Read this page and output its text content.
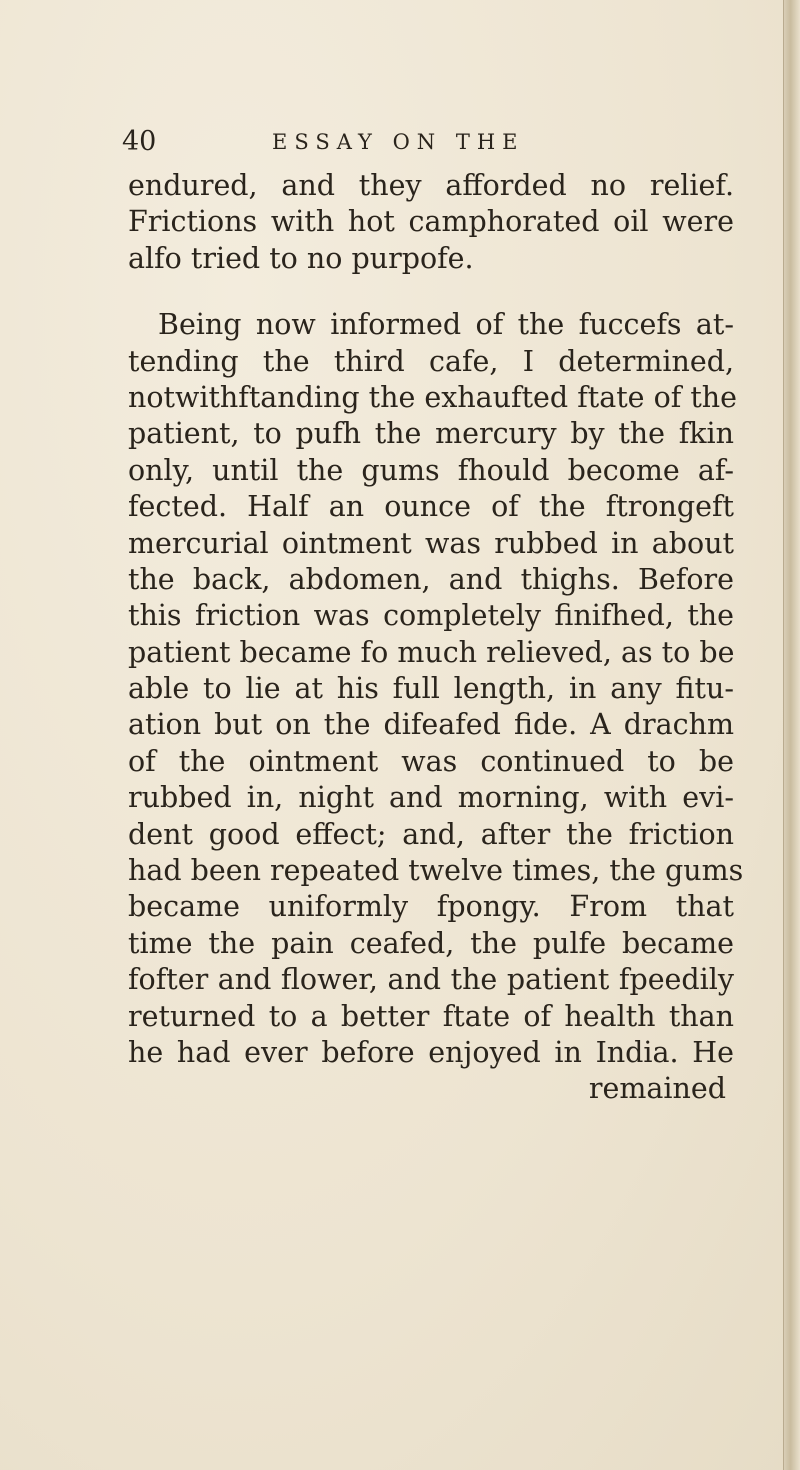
40	ESSAY ON THE
endured, and they afforded no relief.
Frictions with hot camphorated oil were
alfo tried to no purpofe.
Being now informed of the fuccefs at-
tending the third cafe, I determined,
notwithftanding the exhaufted ftate of the
patient, to pufh the mercury by the fkin
only, until the gums fhould become af-
fected. Half an ounce of the ftrongeft
mercurial ointment was rubbed in about
the back, abdomen, and thighs. Before
this friction was completely finifhed, the
patient became fo much relieved, as to be
able to lie at his full length, in any fitu-
ation but on the difeafed fide. A drachm
of the ointment was continued to be
rubbed in, night and morning, with evi-
dent good effect; and, after the friction
had been repeated twelve times, the gums
became uniformly fpongy. From that
time the pain ceafed, the pulfe became
fofter and flower, and the patient fpeedily
returned to a better ftate of health than
he had ever before enjoyed in India. He
remained
